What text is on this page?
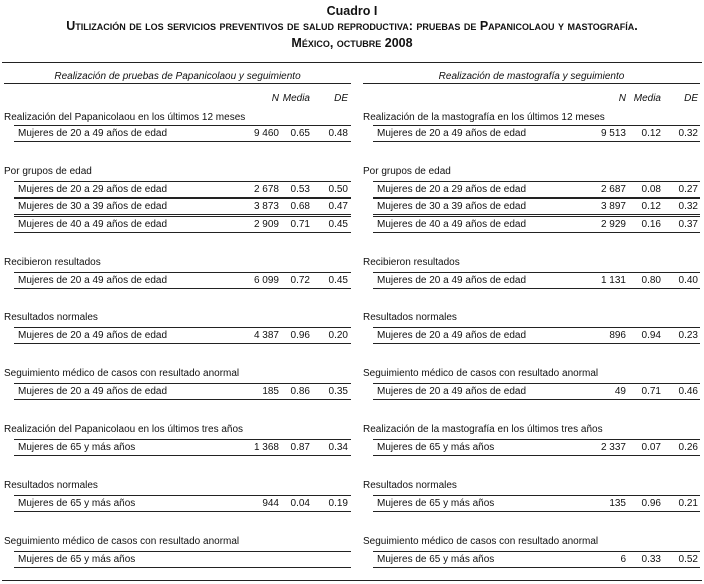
Cuadro I
Utilización de los servicios preventivos de salud reproductiva: pruebas de Papanicolaou y mastografía.
México, octubre 2008
Realización de pruebas de Papanicolaou y seguimiento
N Media	DE
Realización del Papanicolaou en los últimos 12 meses
Mujeres de 20 a 49 años de edad	9 460	0.65 0.48
Por grupos de edad
Mujeres de 20 a 29 años de edad	2 678	0.53 0.50
Mujeres de 30 a 39 años de edad	3 873	0.68 0.47
Mujeres de 40 a 49 años de edad	2 909	0.71 0.45
Recibieron resultados
Mujeres de 20 a 49 años de edad	6 099	0.72 0.45
Resultados normales
Mujeres de 20 a 49 años de edad	4 387	0.96 0.20
Seguimiento médico de casos con resultado anormal
Mujeres de 20 a 49 años de edad	185	0.86 0.35
Realización del Papanicolaou en los últimos tres años
Mujeres de 65 y más años	1 368	0.87 0.34
Resultados normales
Mujeres de 65 y más años	944	0.04 0.19
Seguimiento médico de casos con resultado anormal
Mujeres de 65 y más años
Realización de mastografía y seguimiento
N Media	DE
Realización de la mastografía en los últimos 12 meses
Mujeres de 20 a 49 años de edad	9 513	0.12 0.32
Por grupos de edad
Mujeres de 20 a 29 años de edad	2 687	0.08 0.27
Mujeres de 30 a 39 años de edad	3 897	0.12 0.32
Mujeres de 40 a 49 años de edad	2 929	0.16 0.37
Recibieron resultados
Mujeres de 20 a 49 años de edad	1 131	0.80 0.40
Resultados normales
Mujeres de 20 a 49 años de edad	896	0.94 0.23
Seguimiento médico de casos con resultado anormal
Mujeres de 20 a 49 años de edad	49	0.71 0.46
Realización de la mastografía en los últimos tres años
Mujeres de 65 y más años	2 337	0.07 0.26
Resultados normales
Mujeres de 65 y más años	135	0.96 0.21
Seguimiento médico de casos con resultado anormal
Mujeres de 65 y más años	6	0.33 0.52
